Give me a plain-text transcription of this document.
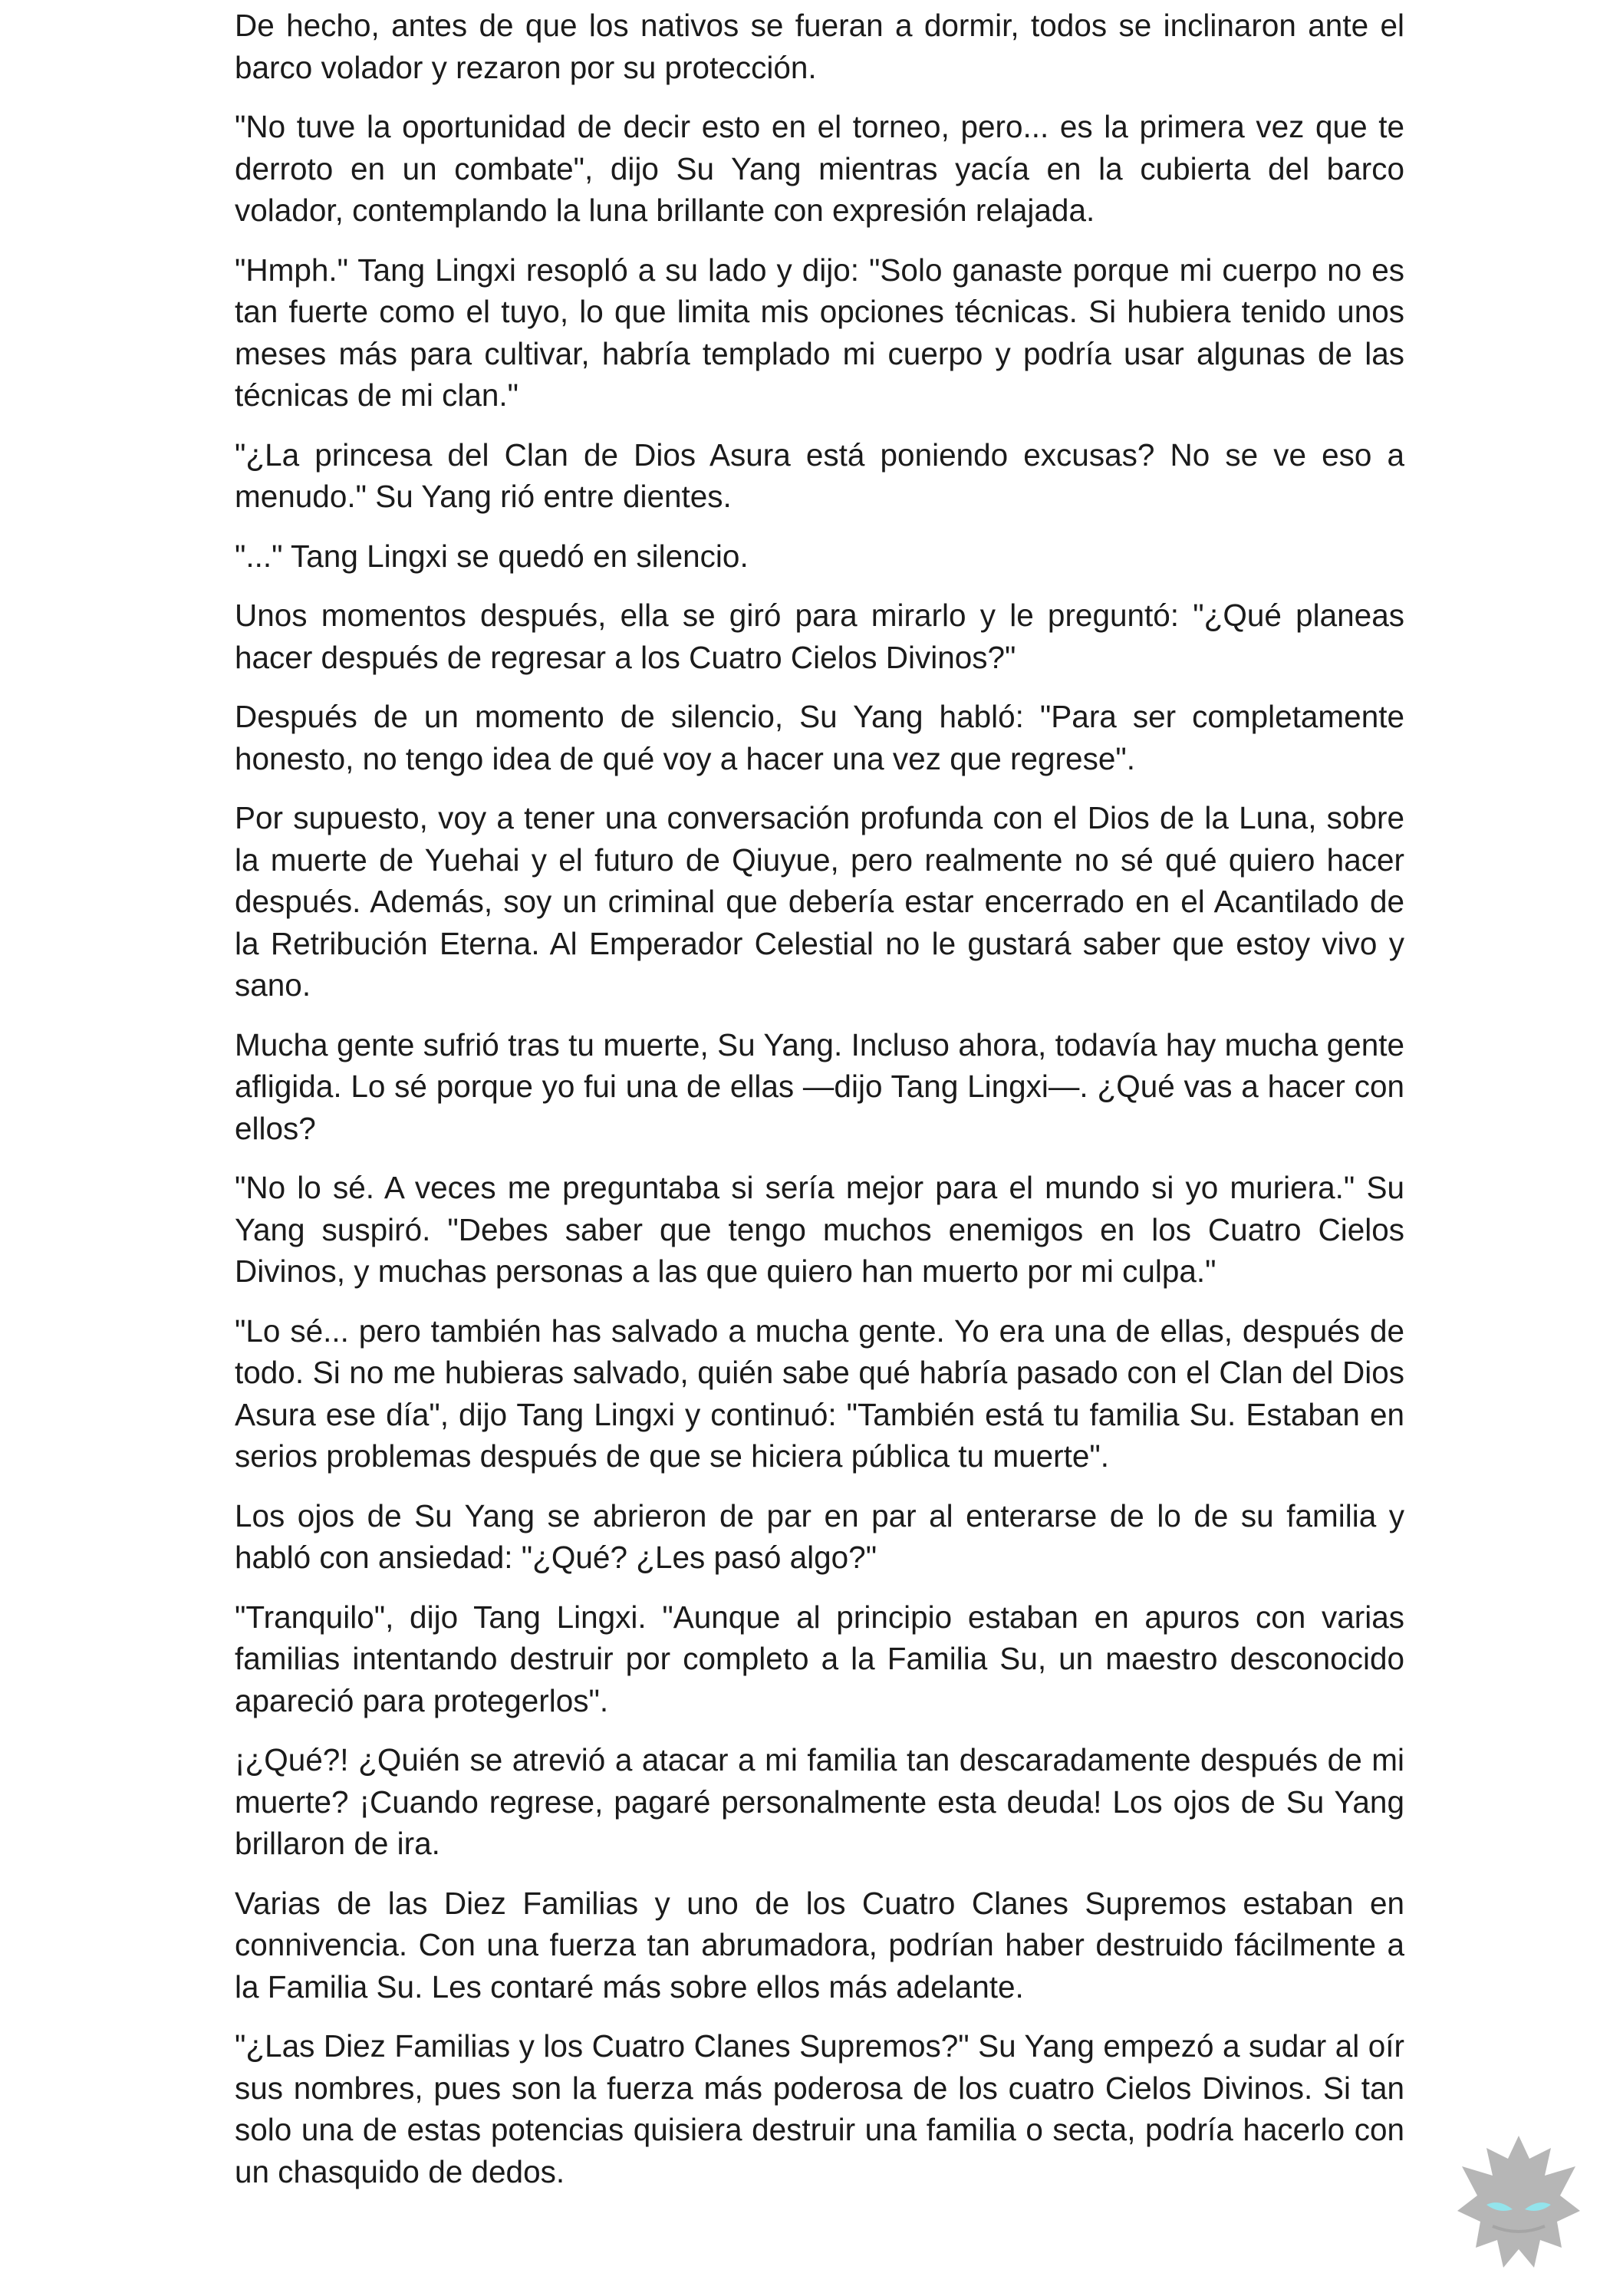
De hecho, antes de que los nativos se fueran a dormir, todos se inclinaron ante el barco volador y rezaron por su protección.

"No tuve la oportunidad de decir esto en el torneo, pero... es la primera vez que te derroto en un combate", dijo Su Yang mientras yacía en la cubierta del barco volador, contemplando la luna brillante con expresión relajada.

"Hmph." Tang Lingxi resopló a su lado y dijo: "Solo ganaste porque mi cuerpo no es tan fuerte como el tuyo, lo que limita mis opciones técnicas. Si hubiera tenido unos meses más para cultivar, habría templado mi cuerpo y podría usar algunas de las técnicas de mi clan."

"¿La princesa del Clan de Dios Asura está poniendo excusas? No se ve eso a menudo." Su Yang rió entre dientes.

"..." Tang Lingxi se quedó en silencio.

Unos momentos después, ella se giró para mirarlo y le preguntó: "¿Qué planeas hacer después de regresar a los Cuatro Cielos Divinos?"

Después de un momento de silencio, Su Yang habló: "Para ser completamente honesto, no tengo idea de qué voy a hacer una vez que regrese".

Por supuesto, voy a tener una conversación profunda con el Dios de la Luna, sobre la muerte de Yuehai y el futuro de Qiuyue, pero realmente no sé qué quiero hacer después. Además, soy un criminal que debería estar encerrado en el Acantilado de la Retribución Eterna. Al Emperador Celestial no le gustará saber que estoy vivo y sano.

Mucha gente sufrió tras tu muerte, Su Yang. Incluso ahora, todavía hay mucha gente afligida. Lo sé porque yo fui una de ellas —dijo Tang Lingxi—. ¿Qué vas a hacer con ellos?

"No lo sé. A veces me preguntaba si sería mejor para el mundo si yo muriera." Su Yang suspiró. "Debes saber que tengo muchos enemigos en los Cuatro Cielos Divinos, y muchas personas a las que quiero han muerto por mi culpa."

"Lo sé... pero también has salvado a mucha gente. Yo era una de ellas, después de todo. Si no me hubieras salvado, quién sabe qué habría pasado con el Clan del Dios Asura ese día", dijo Tang Lingxi y continuó: "También está tu familia Su. Estaban en serios problemas después de que se hiciera pública tu muerte".

Los ojos de Su Yang se abrieron de par en par al enterarse de lo de su familia y habló con ansiedad: "¿Qué? ¿Les pasó algo?"

"Tranquilo", dijo Tang Lingxi. "Aunque al principio estaban en apuros con varias familias intentando destruir por completo a la Familia Su, un maestro desconocido apareció para protegerlos".

¡¿Qué?! ¿Quién se atrevió a atacar a mi familia tan descaradamente después de mi muerte? ¡Cuando regrese, pagaré personalmente esta deuda! Los ojos de Su Yang brillaron de ira.

Varias de las Diez Familias y uno de los Cuatro Clanes Supremos estaban en connivencia. Con una fuerza tan abrumadora, podrían haber destruido fácilmente a la Familia Su. Les contaré más sobre ellos más adelante.

"¿Las Diez Familias y los Cuatro Clanes Supremos?" Su Yang empezó a sudar al oír sus nombres, pues son la fuerza más poderosa de los cuatro Cielos Divinos. Si tan solo una de estas potencias quisiera destruir una familia o secta, podría hacerlo con un chasquido de dedos.
